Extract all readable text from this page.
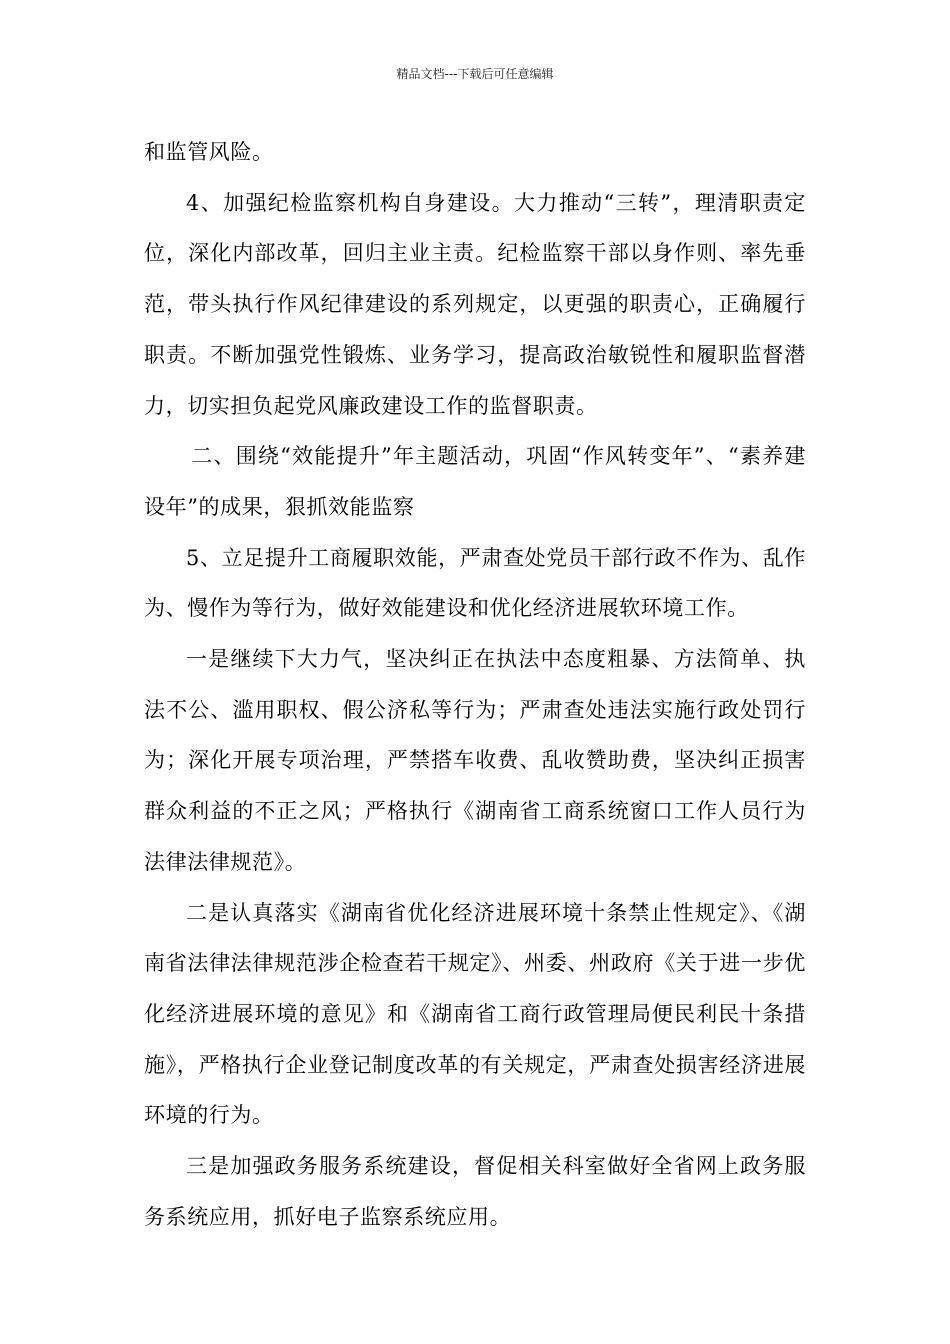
精品文档---下载后可任意编辑

和监管风险。

4、加强纪检监察机构自身建设。大力推动“三转”，理清职责定位，深化内部改革，回归主业主责。纪检监察干部以身作则、率先垂范，带头执行作风纪律建设的系列规定，以更强的职责心，正确履行职责。不断加强党性锻炼、业务学习，提高政治敏锐性和履职监督潜力，切实担负起党风廉政建设工作的监督职责。

二、围绕“效能提升”年主题活动，巩固“作风转变年”、“素养建设年”的成果，狠抓效能监察

5、立足提升工商履职效能，严肃查处党员干部行政不作为、乱作为、慢作为等行为，做好效能建设和优化经济进展软环境工作。

一是继续下大力气，坚决纠正在执法中态度粗暴、方法简单、执法不公、滥用职权、假公济私等行为；严肃查处违法实施行政处罚行为；深化开展专项治理，严禁搭车收费、乱收赞助费，坚决纠正损害群众利益的不正之风；严格执行《湖南省工商系统窗口工作人员行为法律法律规范》。

二是认真落实《湖南省优化经济进展环境十条禁止性规定》、《湖南省法律法律规范涉企检查若干规定》、州委、州政府《关于进一步优化经济进展环境的意见》和《湖南省工商行政管理局便民利民十条措施》，严格执行企业登记制度改革的有关规定，严肃查处损害经济进展环境的行为。

三是加强政务服务系统建设，督促相关科室做好全省网上政务服务系统应用，抓好电子监察系统应用。
